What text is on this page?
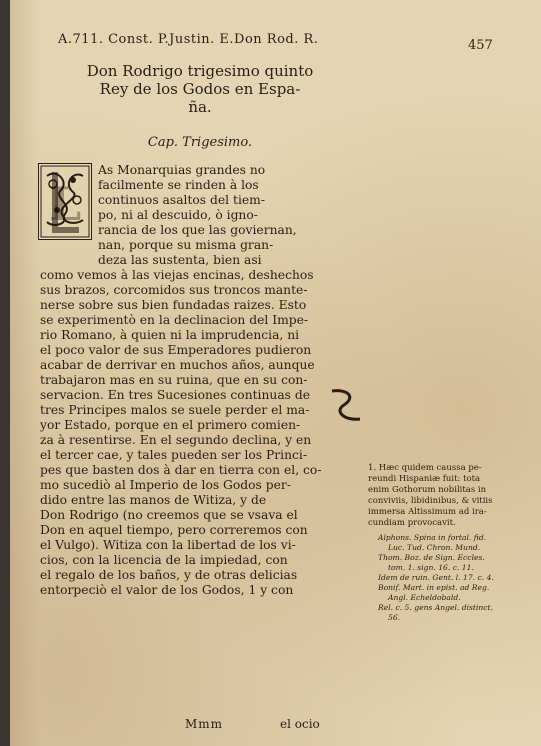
A.711. Const. P.Justin. E.Don Rod. R.	457
Don Rodrigo trigesimo quinto
Rey de los Godos en Espa-
ña.
Cap. Trigesimo.
L
As Monarquias grandes no
facilmente se rinden à los
continuos asaltos del tiem-
po, ni al descuido, ò igno-
rancia de los que las goviernan,
nan, porque su misma gran-
deza las sustenta, bien asi
como vemos à las viejas encinas, deshechos
sus brazos, corcomidos sus troncos mante-
nerse sobre sus bien fundadas raizes. Esto
se experimentò en la declinacion del Impe-
rio Romano, à quien ni la imprudencia, ni
el poco valor de sus Emperadores pudieron
acabar de derrivar en muchos años, aunque
trabajaron mas en su ruina, que en su con-
servacion. En tres Sucesiones continuas de
tres Principes malos se suele perder el ma-
yor Estado, porque en el primero comien-
za à resentirse. En el segundo declina, y en
el tercer cae, y tales pueden ser los Princi-
pes que basten dos à dar en tierra con el, co-
mo sucediò al Imperio de los Godos per-
dido entre las manos de Witiza, y de
Don Rodrigo (no creemos que se vsava el
Don en aquel tiempo, pero correremos con
el Vulgo). Witiza con la libertad de los vi-
cios, con la licencia de la impiedad, con
el regalo de los baños, y de otras delicias
entorpeciò el valor de los Godos, 1 y con
1. Hæc quidem caussa pe-
reundi Hispaniæ fuit: tota
enim Gothorum nobilitas in
conviviis, libidinibus, & vitiis
immersa Altissimum ad ira-
cundiam provocavit.
Alphons. Spina in fortal. fid.
Luc. Tud. Chron. Mund.
Thom. Boz. de Sign. Eccles.
tom. 1. sign. 16. c. 11.
Idem de ruin. Gent. l. 17. c. 4.
Bonif. Mart. in epist. ad Reg.
Angl. Echeldobald.
Rel. c. 5. gens Angel. distinct.
56.
Mmm	el ocio
